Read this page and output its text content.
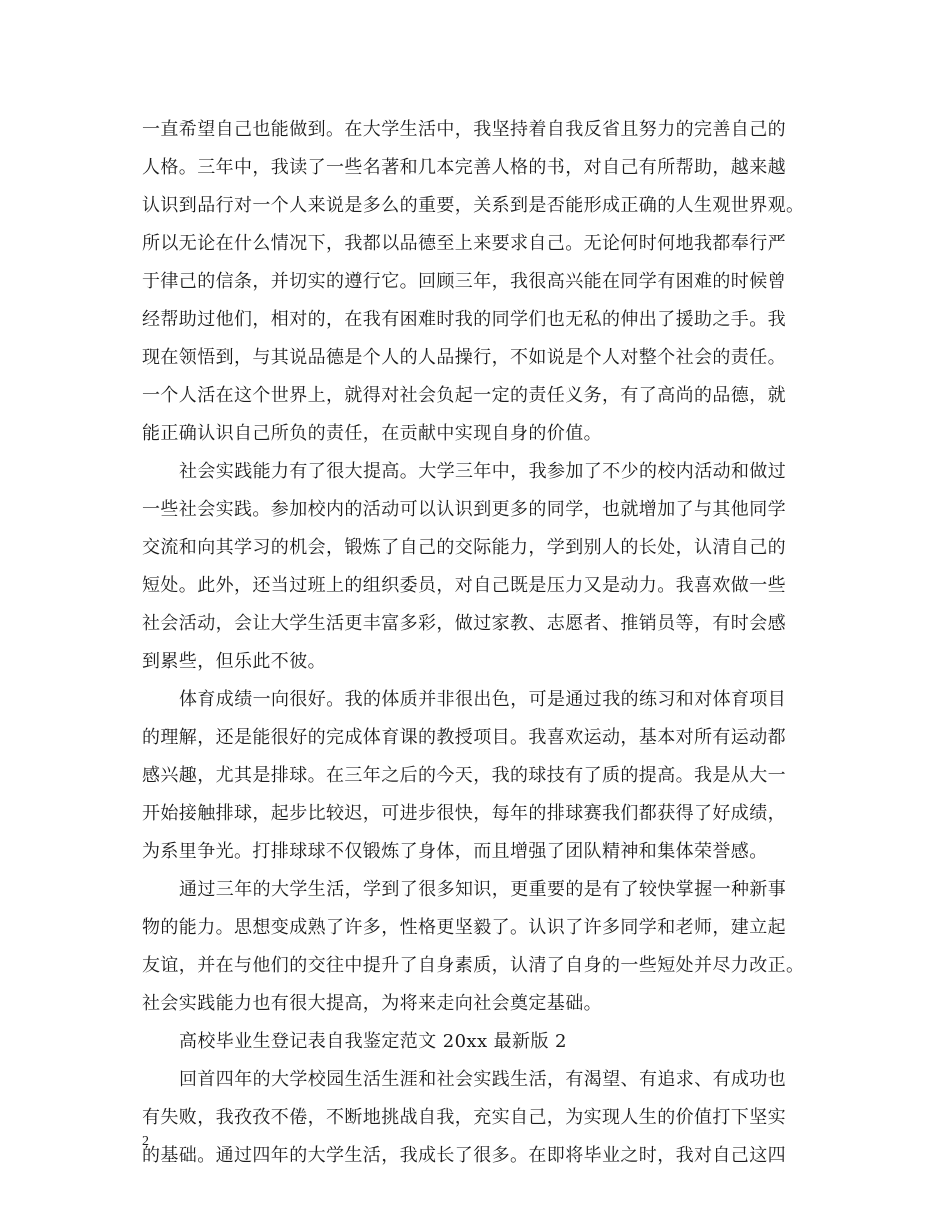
一直希望自己也能做到。在大学生活中，我坚持着自我反省且努力的完善自己的
人格。三年中，我读了一些名著和几本完善人格的书，对自己有所帮助，越来越
认识到品行对一个人来说是多么的重要，关系到是否能形成正确的人生观世界观。
所以无论在什么情况下，我都以品德至上来要求自己。无论何时何地我都奉行严
于律己的信条，并切实的遵行它。回顾三年，我很高兴能在同学有困难的时候曾
经帮助过他们，相对的，在我有困难时我的同学们也无私的伸出了援助之手。我
现在领悟到，与其说品德是个人的人品操行，不如说是个人对整个社会的责任。
一个人活在这个世界上，就得对社会负起一定的责任义务，有了高尚的品德，就
能正确认识自己所负的责任，在贡献中实现自身的价值。
社会实践能力有了很大提高。大学三年中，我参加了不少的校内活动和做过
一些社会实践。参加校内的活动可以认识到更多的同学，也就增加了与其他同学
交流和向其学习的机会，锻炼了自己的交际能力，学到别人的长处，认清自己的
短处。此外，还当过班上的组织委员，对自己既是压力又是动力。我喜欢做一些
社会活动，会让大学生活更丰富多彩，做过家教、志愿者、推销员等，有时会感
到累些，但乐此不彼。
体育成绩一向很好。我的体质并非很出色，可是通过我的练习和对体育项目
的理解，还是能很好的完成体育课的教授项目。我喜欢运动，基本对所有运动都
感兴趣，尤其是排球。在三年之后的今天，我的球技有了质的提高。我是从大一
开始接触排球，起步比较迟，可进步很快，每年的排球赛我们都获得了好成绩，
为系里争光。打排球球不仅锻炼了身体，而且增强了团队精神和集体荣誉感。
通过三年的大学生活，学到了很多知识，更重要的是有了较快掌握一种新事
物的能力。思想变成熟了许多，性格更坚毅了。认识了许多同学和老师，建立起
友谊，并在与他们的交往中提升了自身素质，认清了自身的一些短处并尽力改正。
社会实践能力也有很大提高，为将来走向社会奠定基础。
高校毕业生登记表自我鉴定范文 20xx 最新版 2
回首四年的大学校园生活生涯和社会实践生活，有渴望、有追求、有成功也
有失败，我孜孜不倦，不断地挑战自我，充实自己，为实现人生的价值打下坚实
的基础。通过四年的大学生活，我成长了很多。在即将毕业之时，我对自己这四
2
